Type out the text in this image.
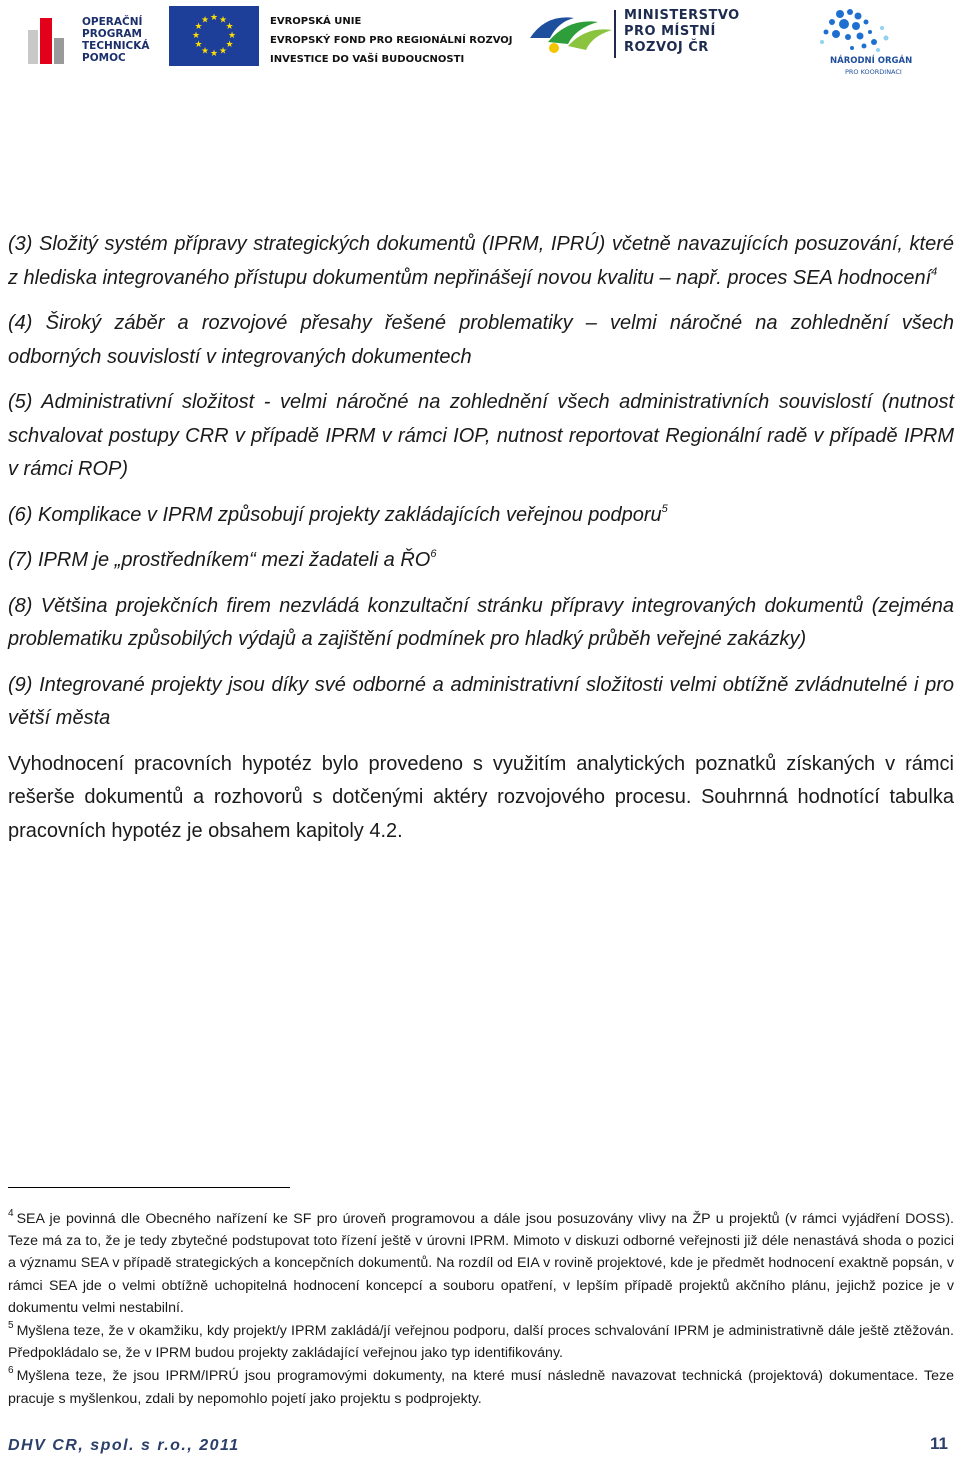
OPERAČNÍ
PROGRAM
TECHNICKÁ
POMOC
★ ★
★
★
★
★
★
★
★
★
★
★	EVROPSKÁ UNIE
EVROPSKÝ FOND PRO REGIONÁLNÍ ROZVOJ
INVESTICE DO VAŠÍ BUDOUCNOSTI
MINISTERSTVO
PRO MÍSTNÍ
ROZVOJ ČR
NÁRODNÍ ORGÁN
PRO KOORDINACI

(3) Složitý systém přípravy strategických dokumentů (IPRM, IPRÚ) včetně navazujících posuzování, které z hlediska integrovaného přístupu dokumentům nepřinášejí novou kvalitu – např. proces SEA hodnocení$^4$

(4) Široký záběr a rozvojové přesahy řešené problematiky – velmi náročné na zohlednění všech odborných souvislostí v integrovaných dokumentech

(5) Administrativní složitost - velmi náročné na zohlednění všech administrativních souvislostí (nutnost schvalovat postupy CRR v případě IPRM v rámci IOP, nutnost reportovat Regionální radě v případě IPRM v rámci ROP)

(6) Komplikace v IPRM způsobují projekty zakládajících veřejnou podporu$^5$

(7) IPRM je „prostředníkem“ mezi žadateli a $ŘO^6$

(8) Většina projekčních firem nezvládá konzultační stránku přípravy integrovaných dokumentů (zejména problematiku způsobilých výdajů a zajištění podmínek pro hladký průběh veřejné zakázky)

(9) Integrované projekty jsou díky své odborné a administrativní složitosti velmi obtížně zvládnutelné i pro větší města

Vyhodnocení pracovních hypotéz bylo provedeno s využitím analytických poznatků získaných v rámci rešerše dokumentů a rozhovorů s dotčenými aktéry rozvojového procesu. Souhrnná hodnotící tabulka pracovních hypotéz je obsahem kapitoly 4.2.

$^4$ SEA je povinná dle Obecného nařízení ke SF pro úroveň programovou a dále jsou posuzovány vlivy na ŽP u projektů (v rámci vyjádření DOSS). Teze má za to, že je tedy zbytečné podstupovat toto řízení ještě v úrovni IPRM. Mimoto v diskuzi odborné veřejnosti již déle nenastává shoda o pozici a významu SEA v případě strategických a koncepčních dokumentů. Na rozdíl od EIA v rovině projektové, kde je předmět hodnocení exaktně popsán, v rámci SEA jde o velmi obtížně uchopitelná hodnocení koncepcí a souboru opatření, v lepším případě projektů akčního plánu, jejichž pozice je v dokumentu velmi nestabilní.

$^5$ Myšlena teze, že v okamžiku, kdy projekt/y IPRM zakládá/jí veřejnou podporu, další proces schvalování IPRM je administrativně dále ještě ztěžován. Předpokládalo se, že v IPRM budou projekty zakládající veřejnou jako typ identifikovány.

$^6$ Myšlena teze, že jsou IPRM/IPRÚ jsou programovými dokumenty, na které musí následně navazovat technická (projektová) dokumentace. Teze pracuje s myšlenkou, zdali by nepomohlo pojetí jako projektu s podprojekty.

DHV CR, spol. s r.o., 2011	11
